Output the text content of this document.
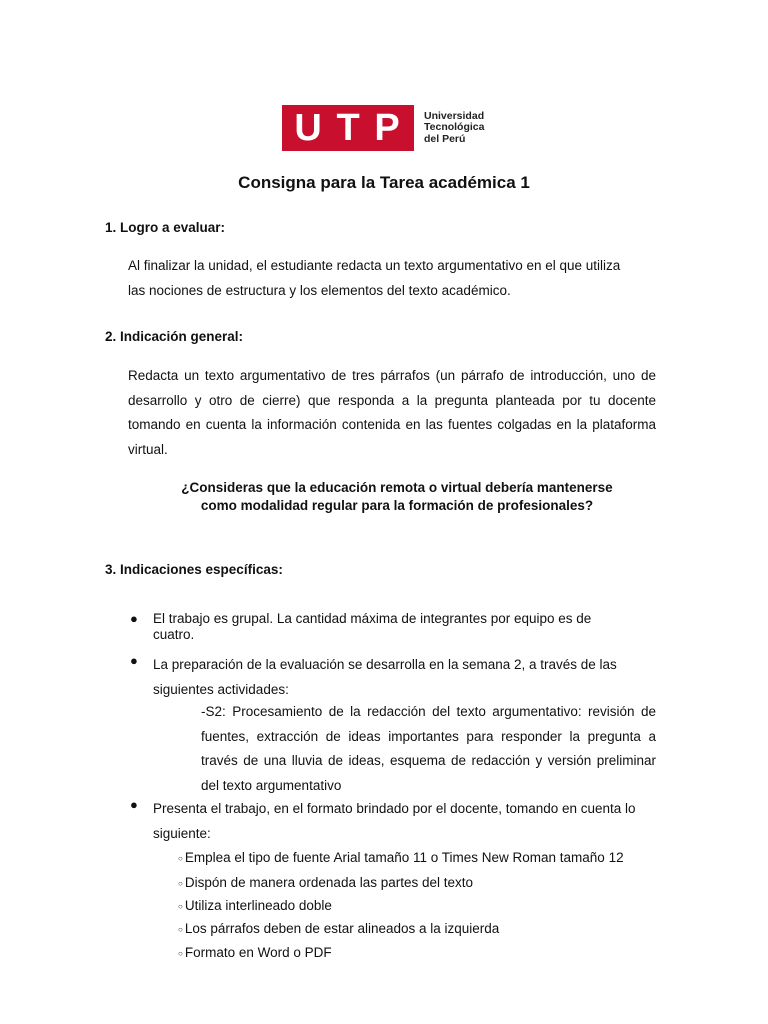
U T P Universidad
Tecnológica
del Perú
Consigna para la Tarea académica 1
1. Logro a evaluar:
Al finalizar la unidad, el estudiante redacta un texto argumentativo en el que utiliza
las nociones de estructura y los elementos del texto académico.
2. Indicación general:
Redacta un texto argumentativo de tres párrafos (un párrafo de introducción, uno de desarrollo y otro de cierre) que responda a la pregunta planteada por tu docente tomando en cuenta la información contenida en las fuentes colgadas en la plataforma virtual.
¿Consideras que la educación remota o virtual debería mantenerse
como modalidad regular para la formación de profesionales?
3. Indicaciones específicas:
● El trabajo es grupal. La cantidad máxima de integrantes por equipo es de cuatro.
● La preparación de la evaluación se desarrolla en la semana 2, a través de las siguientes actividades:
-S2: Procesamiento de la redacción del texto argumentativo: revisión de fuentes, extracción de ideas importantes para responder la pregunta a través de una lluvia de ideas, esquema de redacción y versión preliminar del texto argumentativo
● Presenta el trabajo, en el formato brindado por el docente, tomando en cuenta lo siguiente:
○ Emplea el tipo de fuente Arial tamaño 11 o Times New Roman tamaño 12
○ Dispón de manera ordenada las partes del texto
○ Utiliza interlineado doble
○ Los párrafos deben de estar alineados a la izquierda
○ Formato en Word o PDF
